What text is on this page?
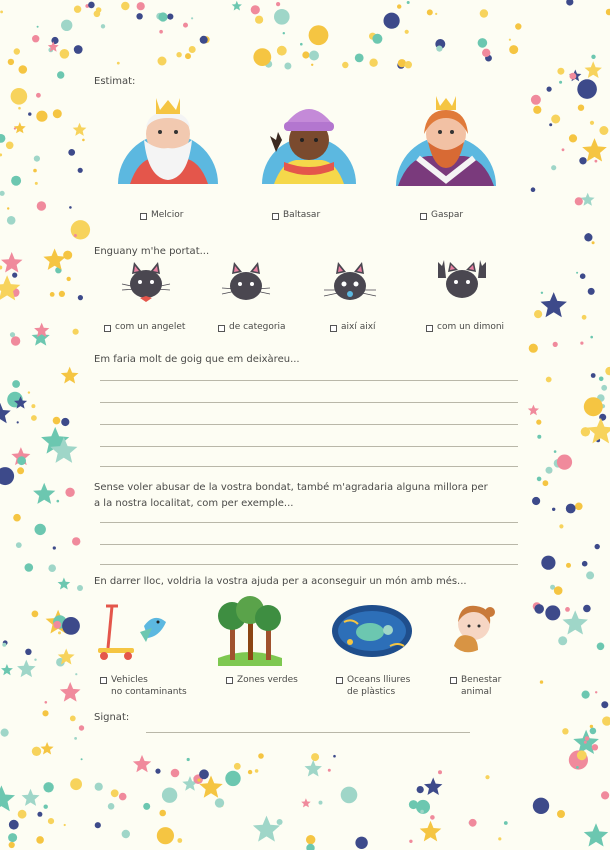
Estimat:
Melcior	Baltasar	Gaspar
Enguany m'he portat...
com un angelet	de categoria	així així	com un dimoni
Em faria molt de goig que em deixàreu...
Sense voler abusar de la vostra bondat, també m'agradaria alguna millora per
a la nostra localitat, com per exemple...
En darrer lloc, voldria la vostra ajuda per a aconseguir un món amb més...
Vehicles
no contaminants
Zones verdes	Oceans lliures
de plàstics
Benestar
animal
Signat:
